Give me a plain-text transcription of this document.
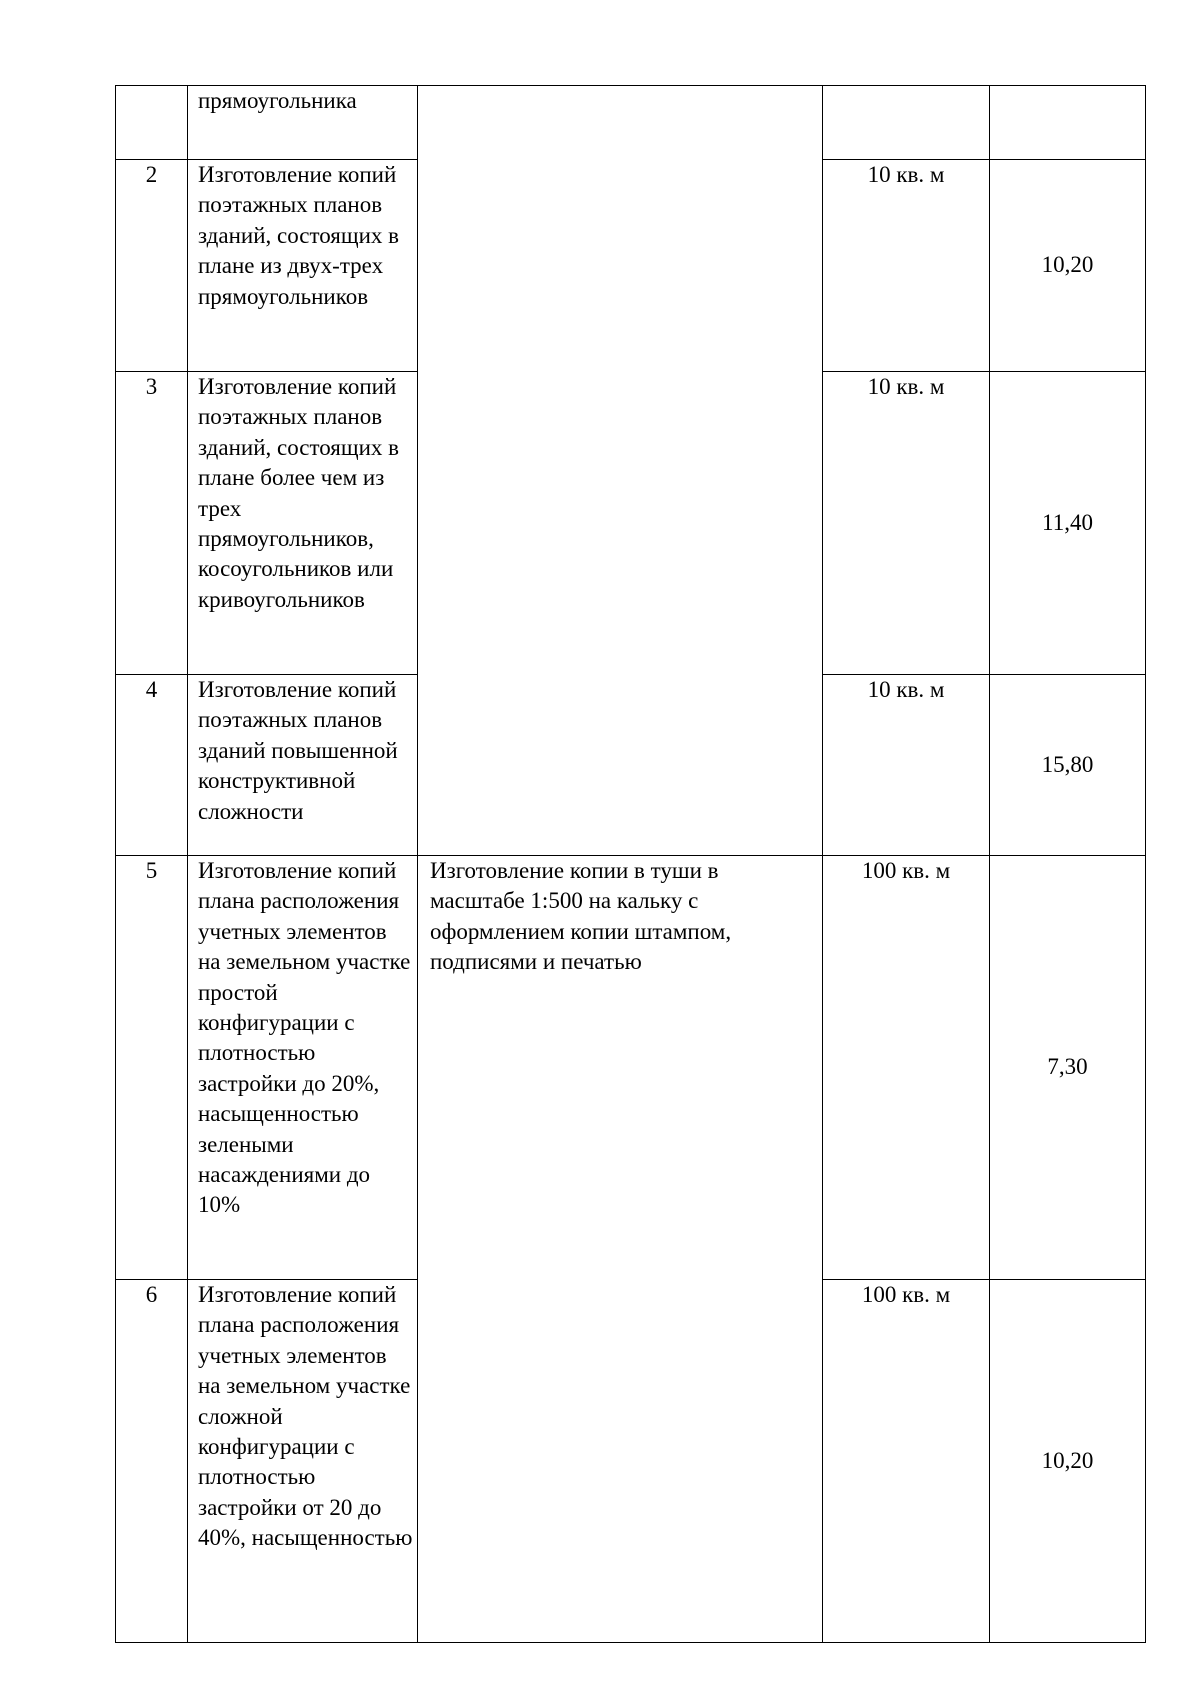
	прямоугольника			

2	Изготовление копий поэтажных планов зданий, состоящих в плане из двух-трех прямоугольников		10 кв. м	10,20
3	Изготовление копий поэтажных планов зданий, состоящих в плане более чем из трех прямоугольников, косоугольников или кривоугольников		10 кв. м	11,40
4	Изготовление копий поэтажных планов зданий повышенной конструктивной сложности		10 кв. м	15,80
5	Изготовление копий плана расположения учетных элементов на земельном участке простой конфигурации с плотностью застройки до 20%, насыщенностью зелеными насаждениями до 10%	Изготовление копии в туши в масштабе 1:500 на кальку с оформлением копии штампом, подписями и печатью	100 кв. м	7,30
6	Изготовление копий плана расположения учетных элементов на земельном участке сложной конфигурации с плотностью застройки от 20 до 40%, насыщенностью		100 кв. м	10,20
